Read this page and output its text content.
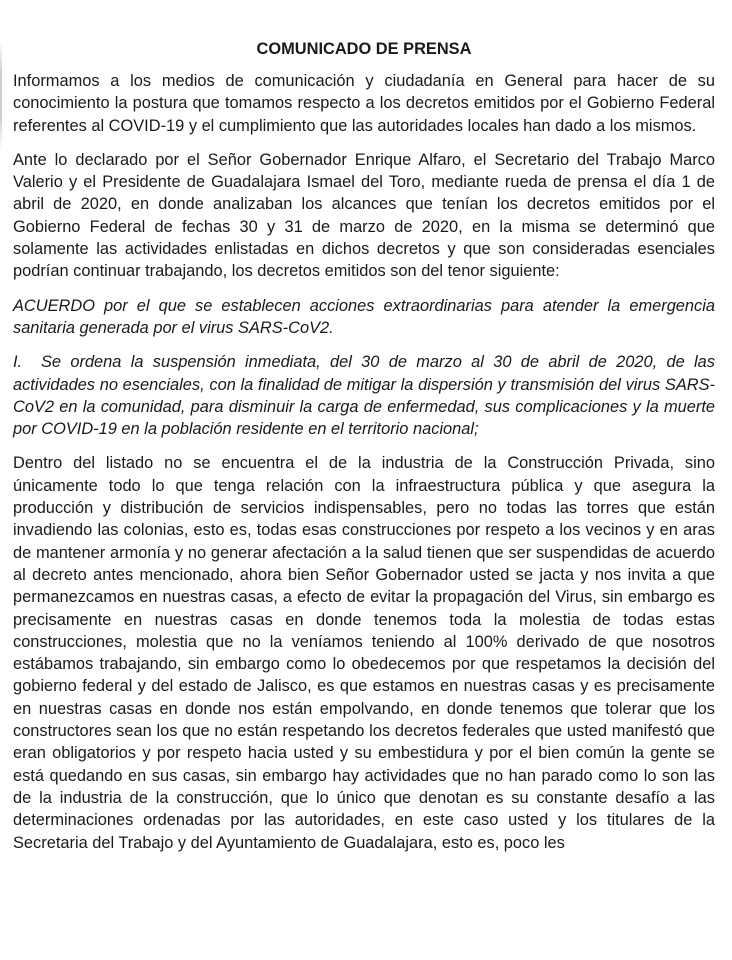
COMUNICADO DE PRENSA

Informamos a los medios de comunicación y ciudadanía en General para hacer de su conocimiento la postura que tomamos respecto a los decretos emitidos por el Gobierno Federal referentes al COVID-19 y el cumplimiento que las autoridades locales han dado a los mismos.

Ante lo declarado por el Señor Gobernador Enrique Alfaro, el Secretario del Trabajo Marco Valerio y el Presidente de Guadalajara Ismael del Toro, mediante rueda de prensa el día 1 de abril de 2020, en donde analizaban los alcances que tenían los decretos emitidos por el Gobierno Federal de fechas 30 y 31 de marzo de 2020, en la misma se determinó que solamente las actividades enlistadas en dichos decretos y que son consideradas esenciales podrían continuar trabajando, los decretos emitidos son del tenor siguiente:

ACUERDO por el que se establecen acciones extraordinarias para atender la emergencia sanitaria generada por el virus SARS-CoV2.

I. Se ordena la suspensión inmediata, del 30 de marzo al 30 de abril de 2020, de las actividades no esenciales, con la finalidad de mitigar la dispersión y transmisión del virus SARS-CoV2 en la comunidad, para disminuir la carga de enfermedad, sus complicaciones y la muerte por COVID-19 en la población residente en el territorio nacional;

Dentro del listado no se encuentra el de la industria de la Construcción Privada, sino únicamente todo lo que tenga relación con la infraestructura pública y que asegura la producción y distribución de servicios indispensables, pero no todas las torres que están invadiendo las colonias, esto es, todas esas construcciones por respeto a los vecinos y en aras de mantener armonía y no generar afectación a la salud tienen que ser suspendidas de acuerdo al decreto antes mencionado, ahora bien Señor Gobernador usted se jacta y nos invita a que permanezcamos en nuestras casas, a efecto de evitar la propagación del Virus, sin embargo es precisamente en nuestras casas en donde tenemos toda la molestia de todas estas construcciones, molestia que no la veníamos teniendo al 100% derivado de que nosotros estábamos trabajando, sin embargo como lo obedecemos por que respetamos la decisión del gobierno federal y del estado de Jalisco, es que estamos en nuestras casas y es precisamente en nuestras casas en donde nos están empolvando, en donde tenemos que tolerar que los constructores sean los que no están respetando los decretos federales que usted manifestó que eran obligatorios y por respeto hacia usted y su embestidura y por el bien común la gente se está quedando en sus casas, sin embargo hay actividades que no han parado como lo son las de la industria de la construcción, que lo único que denotan es su constante desafío a las determinaciones ordenadas por las autoridades, en este caso usted y los titulares de la Secretaria del Trabajo y del Ayuntamiento de Guadalajara, esto es, poco les
